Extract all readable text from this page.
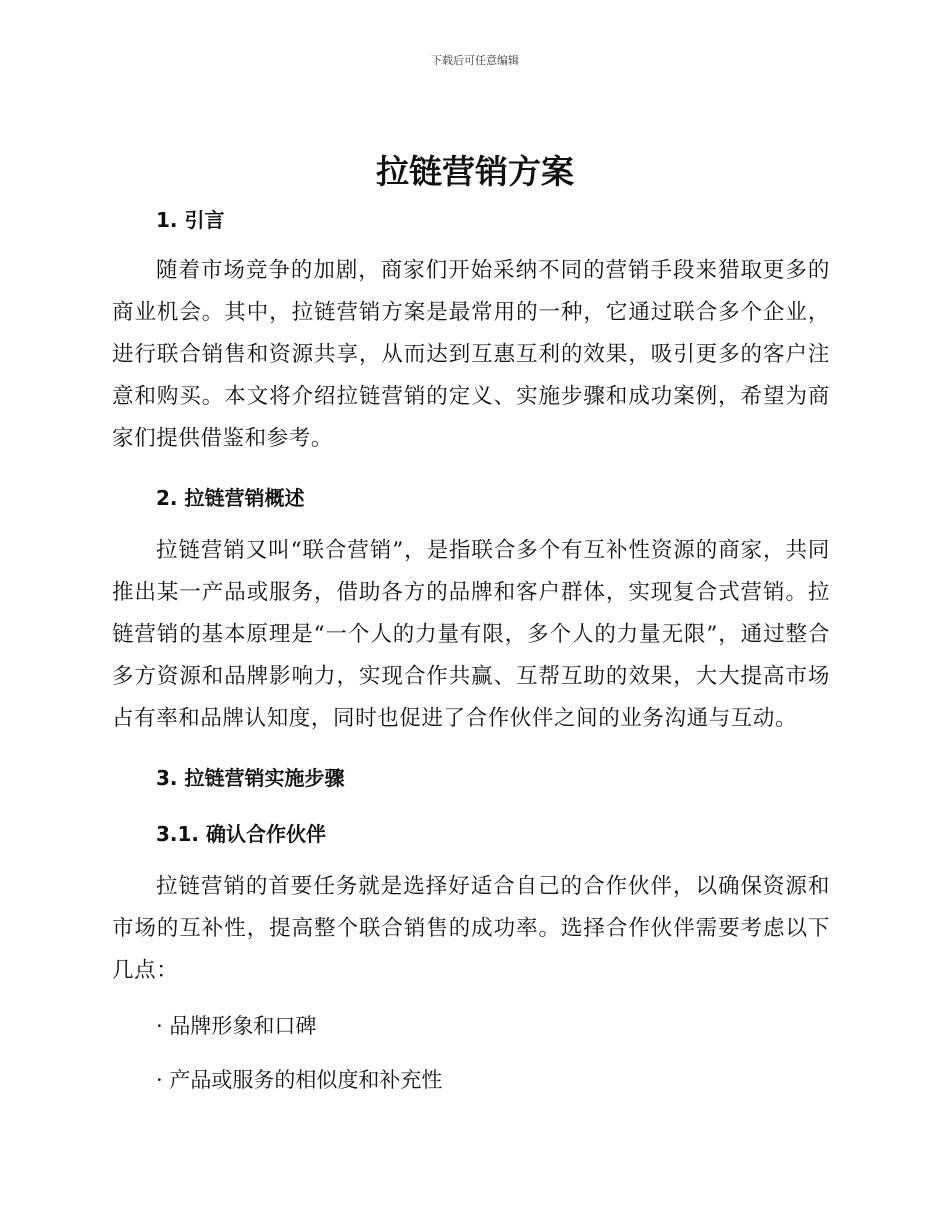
下载后可任意编辑
拉链营销方案
1. 引言

随着市场竞争的加剧，商家们开始采纳不同的营销手段来猎取更多的商业机会。其中，拉链营销方案是最常用的一种，它通过联合多个企业，进行联合销售和资源共享，从而达到互惠互利的效果，吸引更多的客户注意和购买。本文将介绍拉链营销的定义、实施步骤和成功案例，希望为商家们提供借鉴和参考。

2. 拉链营销概述

拉链营销又叫“联合营销”，是指联合多个有互补性资源的商家，共同推出某一产品或服务，借助各方的品牌和客户群体，实现复合式营销。拉链营销的基本原理是“一个人的力量有限，多个人的力量无限”，通过整合多方资源和品牌影响力，实现合作共赢、互帮互助的效果，大大提高市场占有率和品牌认知度，同时也促进了合作伙伴之间的业务沟通与互动。

3. 拉链营销实施步骤
3.1. 确认合作伙伴

拉链营销的首要任务就是选择好适合自己的合作伙伴，以确保资源和市场的互补性，提高整个联合销售的成功率。选择合作伙伴需要考虑以下几点：

· 品牌形象和口碑

· 产品或服务的相似度和补充性
